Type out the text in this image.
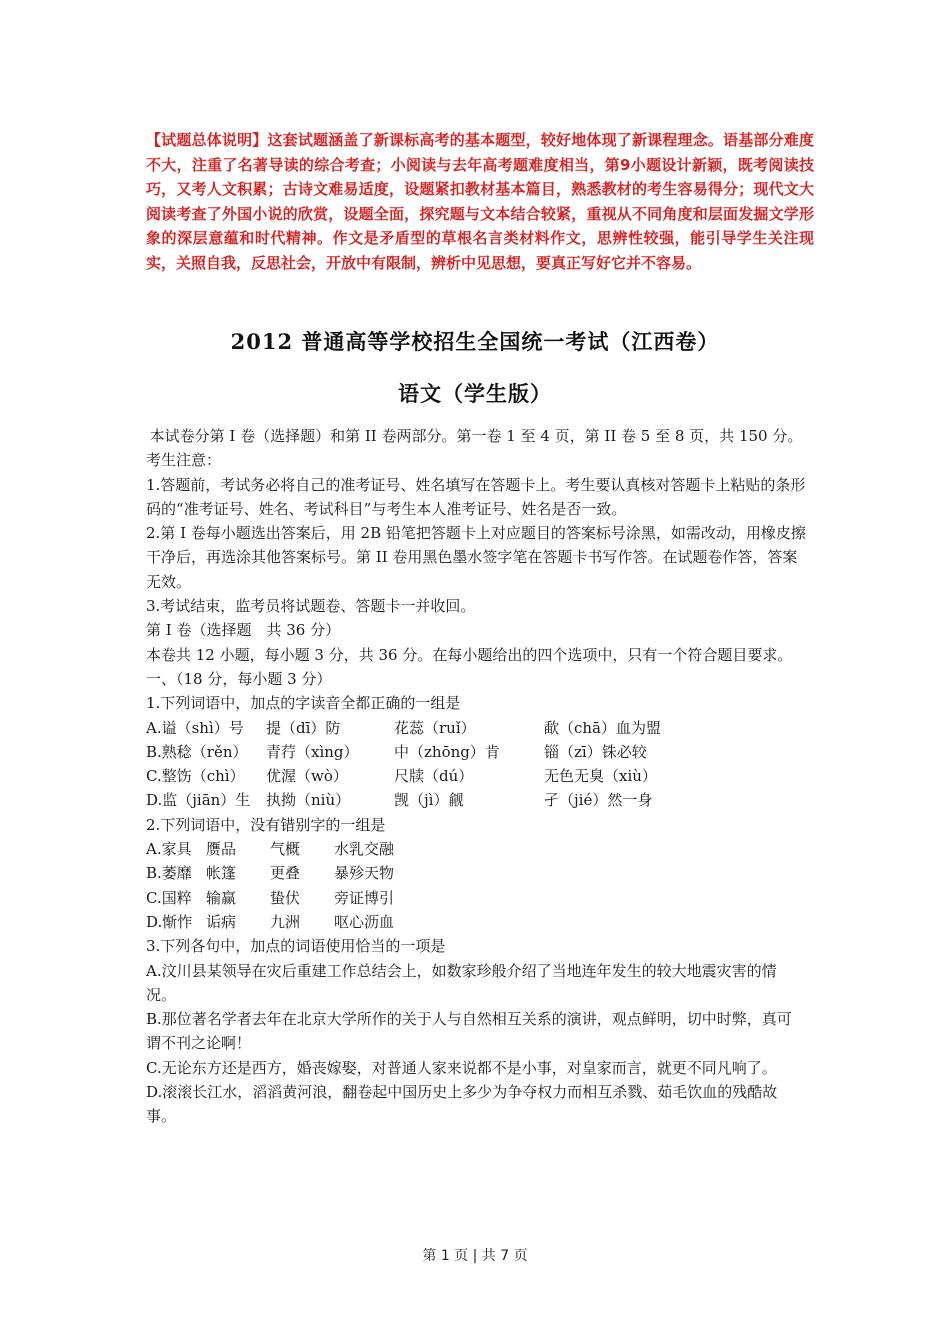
【试题总体说明】这套试题涵盖了新课标高考的基本题型，较好地体现了新课程理念。语基部分难度不大，注重了名著导读的综合考查；小阅读与去年高考题难度相当，第9小题设计新颖，既考阅读技巧，又考人文积累；古诗文难易适度，设题紧扣教材基本篇目，熟悉教材的考生容易得分；现代文大阅读考查了外国小说的欣赏，设题全面，探究题与文本结合较紧，重视从不同角度和层面发掘文学形象的深层意蕴和时代精神。作文是矛盾型的草根名言类材料作文，思辨性较强，能引导学生关注现实，关照自我，反思社会，开放中有限制，辨析中见思想，要真正写好它并不容易。
2012 普通高等学校招生全国统一考试（江西卷）
语文（学生版）

本试卷分第 I 卷（选择题）和第 II 卷两部分。第一卷 1 至 4 页，第 II 卷 5 至 8 页，共 150 分。

考生注意：

1.答题前，考试务必将自己的准考证号、姓名填写在答题卡上。考生要认真核对答题卡上粘贴的条形码的“准考证号、姓名、考试科目”与考生本人准考证号、姓名是否一致。

2.第 I 卷每小题选出答案后，用 2B 铅笔把答题卡上对应题目的答案标号涂黑，如需改动，用橡皮擦干净后，再选涂其他答案标号。第 II 卷用黑色墨水签字笔在答题卡书写作答。在试题卷作答，答案无效。

3.考试结束，监考员将试题卷、答题卡一并收回。

第 I 卷（选择题　共 36 分）

本卷共 12 小题，每小题 3 分，共 36 分。在每小题给出的四个选项中，只有一个符合题目要求。

一、（18 分，每小题 3 分）

1.下列词语中，加点的字读音全都正确的一组是

A.谥（shì）号	提（dī）防	花蕊（ruǐ）	歃（chā）血为盟
B.熟稔（rěn）	青荇（xìng）	中（zhōng）肯	锱（zī）铢必较
C.整饬（chì）	优渥（wò）	尺牍（dú）	无色无臭（xiù）
D.监（jiān）生	执拗（niù）	觊（jì）觎	孑（jié）然一身

2.下列词语中，没有错别字的一组是

A.家具 赝品	气概	水乳交融
B.萎靡 帐篷	更叠	暴殄天物
C.国粹 输赢	蛰伏	旁证博引
D.惭怍 诟病	九洲	呕心沥血

3.下列各句中，加点的词语使用恰当的一项是

A.汶川县某领导在灾后重建工作总结会上，如数家珍般介绍了当地连年发生的较大地震灾害的情况。

B.那位著名学者去年在北京大学所作的关于人与自然相互关系的演讲，观点鲜明，切中时弊，真可谓不刊之论啊！

C.无论东方还是西方，婚丧嫁娶，对普通人家来说都不是小事，对皇家而言，就更不同凡响了。

D.滚滚长江水，滔滔黄河浪，翻卷起中国历史上多少为争夺权力而相互杀戮、茹毛饮血的残酷故事。

第 1 页 | 共 7 页
